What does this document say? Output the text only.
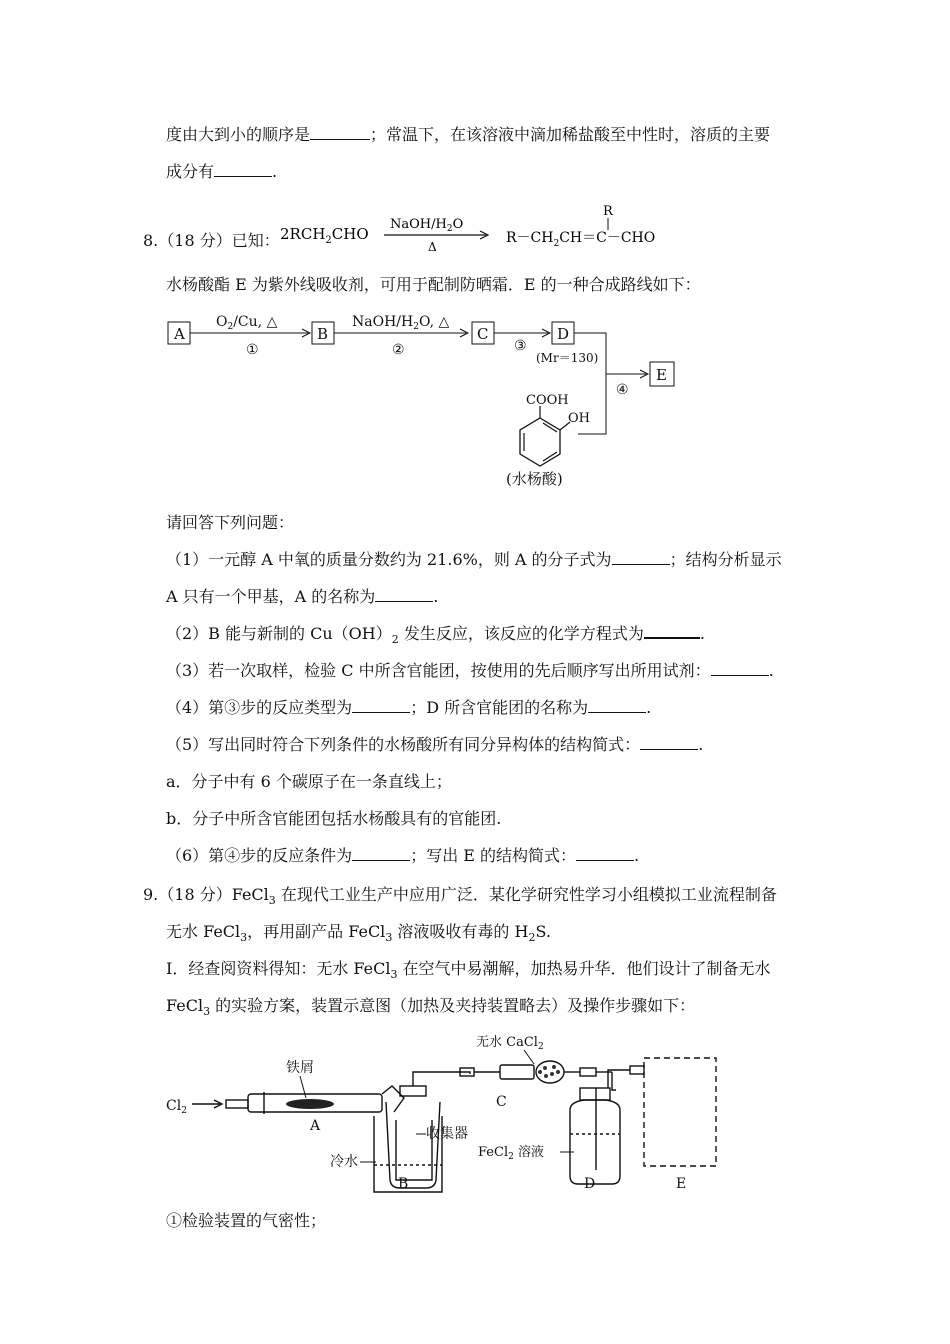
度由大到小的顺序是	；常温下，在该溶液中滴加稀盐酸至中性时，溶质的主要
成分有	.
8.（18 分）已知： $2RCH_2CHO$
NaOH/$H_2O$
Δ
$R-CH_2CH=C-CHO$
R
水杨酸酯 E 为紫外线吸收剂，可用于配制防晒霜．E 的一种合成路线如下：
A
$O_2/Cu$, △
①
B
NaOH/$H_2O$, △
②
C
③
D
(Mr＝130)
④
E
COOH
OH
(水杨酸)
请回答下列问题：
（1）一元醇 A 中氧的质量分数约为 21.6%，则 A 的分子式为	；结构分析显示
A 只有一个甲基，A 的名称为	.
（2）B 能与新制的 $Cu(OH)_2$ 发生反应，该反应的化学方程式为	.
（3）若一次取样，检验 C 中所含官能团，按使用的先后顺序写出所用试剂：	.
（4）第③步的反应类型为	；D 所含官能团的名称为	.
（5）写出同时符合下列条件的水杨酸所有同分异构体的结构简式：	.
a．分子中有 6 个碳原子在一条直线上；
b．分子中所含官能团包括水杨酸具有的官能团.
（6）第④步的反应条件为	；写出 E 的结构简式：	.
9.（18 分）FeCl$_3$ 在现代工业生产中应用广泛．某化学研究性学习小组模拟工业流程制备
无水 FeCl$_3$，再用副产品 FeCl$_3$ 溶液吸收有毒的 $H_2S$.
Ⅰ．经查阅资料得知：无水 FeCl$_3$ 在空气中易潮解，加热易升华．他们设计了制备无水
FeCl$_3$ 的实验方案，装置示意图（加热及夹持装置略去）及操作步骤如下：
$Cl_2$
铁屑
A	收集器
冷水
B
无水 CaCl$_2$
C
FeCl$_2$ 溶液
D	E
①检验装置的气密性；
